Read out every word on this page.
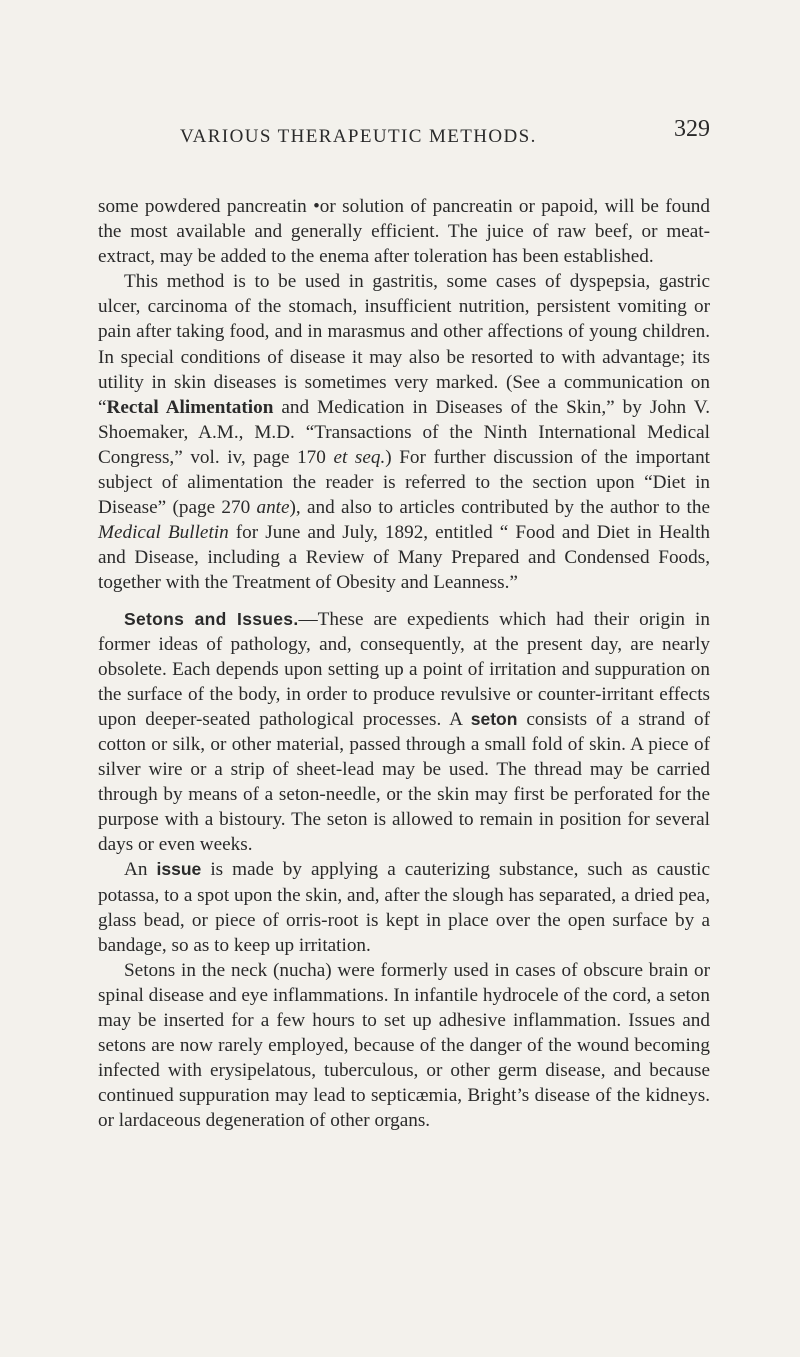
VARIOUS THERAPEUTIC METHODS.	329

some powdered pancreatin •or solution of pancreatin or papoid, will be found the most available and generally efficient. The juice of raw beef, or meat-extract, may be added to the enema after toleration has been established.

This method is to be used in gastritis, some cases of dyspepsia, gastric ulcer, carcinoma of the stomach, insufficient nutrition, persistent vomiting or pain after taking food, and in marasmus and other affections of young children. In special conditions of disease it may also be resorted to with advantage; its utility in skin diseases is sometimes very marked. (See a communication on “Rectal Alimentation and Medication in Diseases of the Skin,” by John V. Shoemaker, A.M., M.D. “Transactions of the Ninth International Medical Congress,” vol. iv, page 170 et seq.) For further discussion of the important subject of alimentation the reader is referred to the section upon “Diet in Disease” (page 270 ante), and also to articles contributed by the author to the Medical Bulletin for June and July, 1892, entitled “ Food and Diet in Health and Disease, including a Review of Many Prepared and Condensed Foods, together with the Treatment of Obesity and Leanness.”

Setons and Issues.—These are expedients which had their origin in former ideas of pathology, and, consequently, at the present day, are nearly obsolete. Each depends upon setting up a point of irritation and suppuration on the surface of the body, in order to produce revulsive or counter-irritant effects upon deeper-seated pathological processes. A seton consists of a strand of cotton or silk, or other material, passed through a small fold of skin. A piece of silver wire or a strip of sheet-lead may be used. The thread may be carried through by means of a seton-needle, or the skin may first be perforated for the purpose with a bistoury. The seton is allowed to remain in position for several days or even weeks.

An issue is made by applying a cauterizing substance, such as caustic potassa, to a spot upon the skin, and, after the slough has separated, a dried pea, glass bead, or piece of orris-root is kept in place over the open surface by a bandage, so as to keep up irritation.

Setons in the neck (nucha) were formerly used in cases of obscure brain or spinal disease and eye inflammations. In infantile hydrocele of the cord, a seton may be inserted for a few hours to set up adhesive inflammation. Issues and setons are now rarely employed, because of the danger of the wound becoming infected with erysipelatous, tuberculous, or other germ disease, and because continued suppuration may lead to septicæmia, Bright’s disease of the kidneys. or lardaceous degeneration of other organs.
